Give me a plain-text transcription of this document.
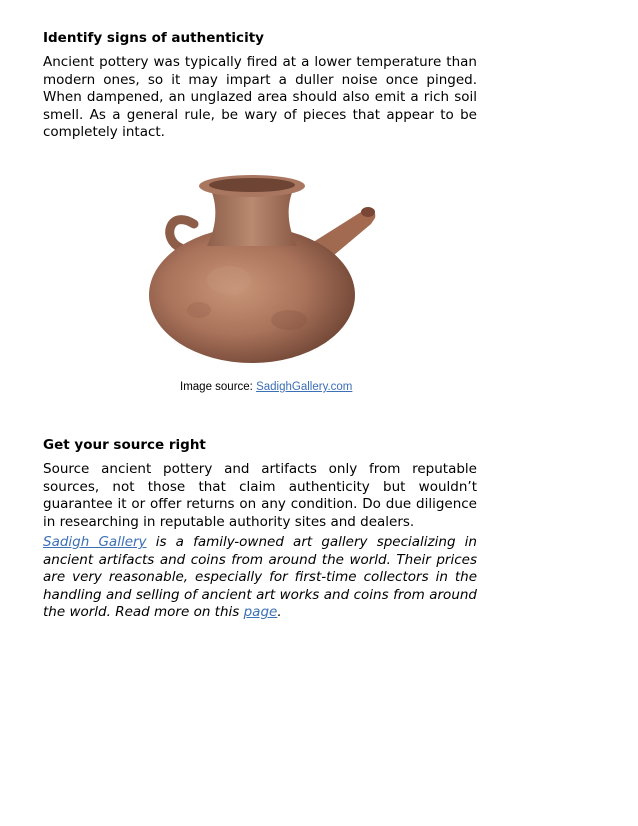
Identify signs of authenticity

Ancient pottery was typically fired at a lower temperature than modern ones, so it may impart a duller noise once pinged. When dampened, an unglazed area should also emit a rich soil smell. As a general rule, be wary of pieces that appear to be completely intact.

Image source: SadighGallery.com
Get your source right

Source ancient pottery and artifacts only from reputable sources, not those that claim authenticity but wouldn’t guarantee it or offer returns on any condition. Do due diligence in researching in reputable authority sites and dealers.

Sadigh Gallery is a family-owned art gallery specializing in ancient artifacts and coins from around the world. Their prices are very reasonable, especially for first-time collectors in the handling and selling of ancient art works and coins from around the world. Read more on this page.
